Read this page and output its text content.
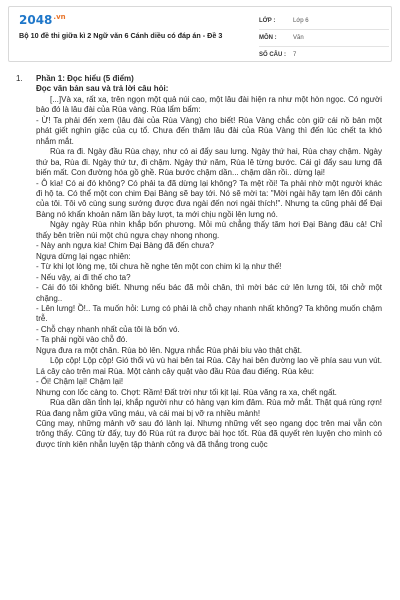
$2048^{.vn}$
Bộ 10 đề thi giữa kì 2 Ngữ văn 6 Cánh diều có đáp án - Đề 3
LỚP :	Lớp 6
MÔN :	Văn
SỐ CÂU :	7
1.	Phần 1: Đọc hiểu (5 điểm)

Đọc văn bản sau và trả lời câu hỏi:

[...]Và xa, rất xa, trên ngọn một quả núi cao, một lâu đài hiện ra như một hòn ngọc. Có người bảo đó là lâu đài của Rùa vàng. Rùa lẩm bẩm:

- Ừ! Ta phải đến xem (lâu đài của Rùa Vàng) cho biết! Rùa Vàng chắc còn giữ cái nồ bản một phát giết nghìn giặc của cụ tổ. Chưa đến thăm lâu đài của Rùa Vàng thì đến lúc chết ta khó nhắm mắt.

Rùa ra đi. Ngày đầu Rùa chạy, như có ai đẩy sau lưng. Ngày thứ hai, Rùa chạy chậm. Ngày thứ ba, Rùa đi. Ngày thứ tư, đi chậm. Ngày thứ năm, Rùa lê từng bước. Cái gì đẩy sau lưng đã biến mất. Con đường hóa gồ ghề. Rùa bước chậm dần... chậm dần rồi.. dừng lại!

- Ô kìa! Có ai đó không? Có phải ta đã dừng lại không? Ta mệt rồi! Ta phải nhờ một người khác đi hộ ta. Có thể một con chim Đại Bàng sẽ bay tới. Nó sẽ mời ta: "Mời ngài hãy tạm lên đôi cánh của tôi. Tôi vô cùng sung sướng được đưa ngài đến nơi ngài thích!". Nhưng ta cũng phải để Đại Bàng nó khẩn khoản năm lần bảy lượt, ta mới chịu ngồi lên lưng nó.

Ngày ngày Rùa nhìn khắp bốn phương. Mỏi mù chẳng thấy tăm hơi Đại Bàng đâu cả! Chỉ thấy bên triền núi một chú ngựa chạy nhong nhong.

- Này anh ngựa kia! Chim Đại Bàng đã đến chưa?

Ngựa dừng lại ngạc nhiên:

- Từ khi lọt lòng mẹ, tôi chưa hề nghe tên một con chim kì lạ như thế!

- Nếu vậy, ai đi thế cho ta?

- Cái đó tôi không biết. Nhưng nếu bác đã mỏi chân, thì mời bác cứ lên lưng tôi, tôi chở một chặng..

- Lên lưng! Ồ!.. Ta muốn hỏi: Lưng có phải là chỗ chạy nhanh nhất không? Ta không muốn chậm trễ.

- Chỗ chạy nhanh nhất của tôi là bốn vó.

- Ta phải ngồi vào chỗ đó.

Ngựa đưa ra một chân. Rùa bò lên. Ngựa nhắc Rùa phải bíu vào thật chặt.

Lộp cộp! Lộp cộp! Gió thổi vù vù hai bên tai Rùa. Cây hai bên đường lao về phía sau vun vút. Lá cây cào trên mai Rùa. Một cành cây quật vào đầu Rùa đau điếng. Rùa kêu:

- Ối! Chậm lại! Chậm lại!

Nhưng con lốc càng to. Chợt: Rầm! Đất trời như tối kịt lại. Rùa văng ra xa, chết ngất.

Rùa dần dần tỉnh lại, khắp người như có hàng vạn kim đâm. Rùa mở mắt. Thật quá rùng rợn! Rùa đang nằm giữa vũng máu, và cái mai bị vỡ ra nhiều mảnh!

Cũng may, những mảnh vỡ sau đó lành lại. Nhưng những vết sẹo ngang dọc trên mai vẫn còn trông thấy. Cũng từ đấy, tuy đó Rùa rút ra được bài học tốt. Rùa đã quyết rèn luyện cho mình có được tính kiên nhẫn luyện tập thành công và đã thắng trong cuộc
